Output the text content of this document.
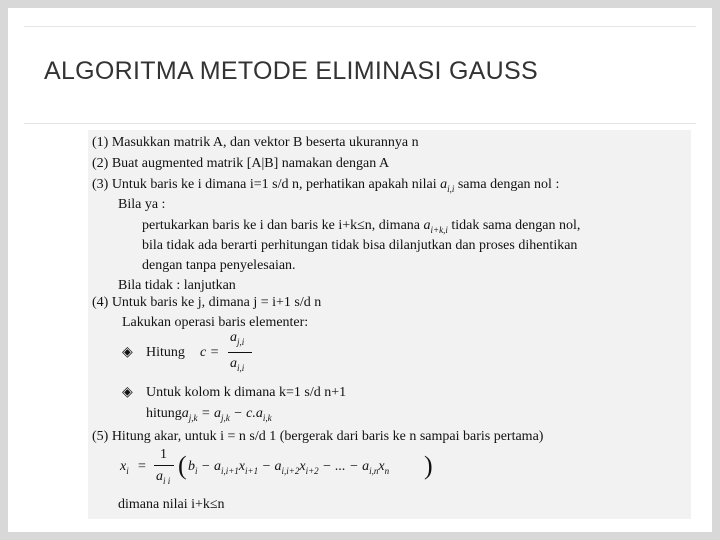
ALGORITMA METODE ELIMINASI GAUSS
(1) Masukkan matrik A, dan vektor B beserta ukurannya n
(2) Buat augmented matrik [A|B] namakan dengan A
(3) Untuk baris ke i dimana i=1 s/d n, perhatikan apakah nilai $a_{i,i}$ sama dengan nol :
Bila ya :
pertukarkan baris ke i dan baris ke i+k≤n, dimana $a_{i+k,i}$ tidak sama dengan nol,
bila tidak ada berarti perhitungan tidak bisa dilanjutkan dan proses dihentikan
dengan tanpa penyelesaian.
Bila tidak : lanjutkan
(4) Untuk baris ke j, dimana j = i+1 s/d n
Lakukan operasi baris elementer:
◈ Hitung c =
$a_{j,i}$
$a_{i,i}$
◈ Untuk kolom k dimana k=1 s/d n+1
hitunga$_{j,k}$ = $a_{j,k} - c.a_{i,k}$
(5) Hitung akar, untuk i = n s/d 1 (bergerak dari baris ke n sampai baris pertama)
$x_i$ =
1
$a_{i i}$
( $b_i - a_{i,i+1}x_{i+1} - a_{i,i+2}x_{i+2}$ − ... − $a_{i,n}x_n$ )
dimana nilai i+k≤n
